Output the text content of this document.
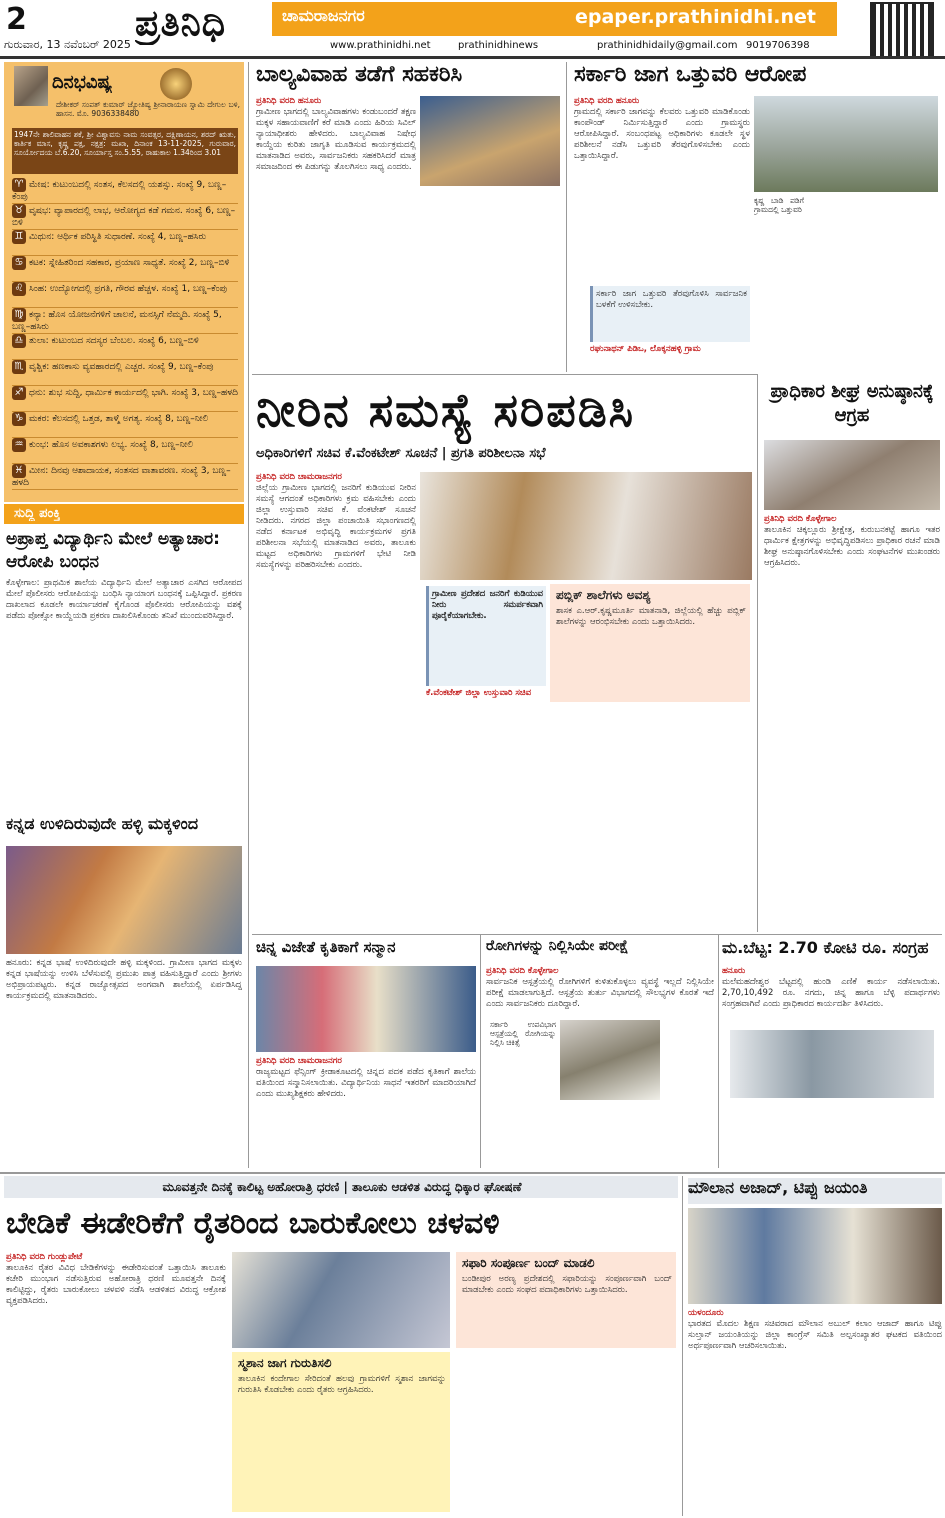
2	ಪ್ರತಿನಿಧಿ	ಚಾಮರಾಜನಗರ	epaper.prathinidhi.net
ಗುರುವಾರ, 13 ನವೆಂಬರ್ 2025	www.prathinidhi.net	prathinidhinews	prathinidhidaily@gmail.com 9019706398
ದಿನಭವಿಷ್ಯ
ದೇಶೀಕರ್ ಸಂಪತ್ ಕುಮಾರ್ ಜ್ಯೋತಿಷ್ಯ ಶ್ರೀನಾರಾಯಣ ಸ್ವಾಮಿ ದೇಗುಲ ಬಳಿ, ಹಾಸನ. ಮೊ. 9036338480
1947ನೇ ಶಾಲಿವಾಹನ ಶಕೆ, ಶ್ರೀ ವಿಶ್ವಾವಸು ನಾಮ ಸಂವತ್ಸರ, ದಕ್ಷಿಣಾಯನ, ಶರದ್ ಋತು, ಕಾರ್ತಿಕ ಮಾಸ, ಕೃಷ್ಣ ಪಕ್ಷ, ನಕ್ಷತ್ರ: ಮಖಾ, ದಿನಾಂಕ 13-11-2025, ಗುರುವಾರ, ಸೂರ್ಯೋದಯ ಬೆ.6.20, ಸೂರ್ಯಾಸ್ತ ಸಂ.5.55, ರಾಹುಕಾಲ 1.34ರಿಂದ 3.01
♈ ಮೇಷ: ಕುಟುಂಬದಲ್ಲಿ ಸಂತಸ, ಕೆಲಸದಲ್ಲಿ ಯಶಸ್ಸು. ಸಂಖ್ಯೆ 9, ಬಣ್ಣ–ಕೆಂಪು
♉ ವೃಷಭ: ವ್ಯಾಪಾರದಲ್ಲಿ ಲಾಭ, ಆರೋಗ್ಯದ ಕಡೆ ಗಮನ. ಸಂಖ್ಯೆ 6, ಬಣ್ಣ–ಬಿಳಿ
♊ ಮಿಥುನ: ಆರ್ಥಿಕ ಪರಿಸ್ಥಿತಿ ಸುಧಾರಣೆ. ಸಂಖ್ಯೆ 4, ಬಣ್ಣ–ಹಸಿರು
♋ ಕಟಕ: ಸ್ನೇಹಿತರಿಂದ ಸಹಕಾರ, ಪ್ರಯಾಣ ಸಾಧ್ಯತೆ. ಸಂಖ್ಯೆ 2, ಬಣ್ಣ–ಬಿಳಿ
♌ ಸಿಂಹ: ಉದ್ಯೋಗದಲ್ಲಿ ಪ್ರಗತಿ, ಗೌರವ ಹೆಚ್ಚಳ. ಸಂಖ್ಯೆ 1, ಬಣ್ಣ–ಕೆಂಪು
♍ ಕನ್ಯಾ: ಹೊಸ ಯೋಜನೆಗಳಿಗೆ ಚಾಲನೆ, ಮನಸ್ಸಿಗೆ ನೆಮ್ಮದಿ. ಸಂಖ್ಯೆ 5, ಬಣ್ಣ–ಹಸಿರು
♎ ತುಲಾ: ಕುಟುಂಬದ ಸದಸ್ಯರ ಬೆಂಬಲ. ಸಂಖ್ಯೆ 6, ಬಣ್ಣ–ಬಿಳಿ
♏ ವೃಶ್ಚಿಕ: ಹಣಕಾಸು ವ್ಯವಹಾರದಲ್ಲಿ ಎಚ್ಚರ. ಸಂಖ್ಯೆ 9, ಬಣ್ಣ–ಕೆಂಪು
♐ ಧನು: ಶುಭ ಸುದ್ದಿ, ಧಾರ್ಮಿಕ ಕಾರ್ಯದಲ್ಲಿ ಭಾಗಿ. ಸಂಖ್ಯೆ 3, ಬಣ್ಣ–ಹಳದಿ
♑ ಮಕರ: ಕೆಲಸದಲ್ಲಿ ಒತ್ತಡ, ತಾಳ್ಮೆ ಅಗತ್ಯ. ಸಂಖ್ಯೆ 8, ಬಣ್ಣ–ನೀಲಿ
♒ ಕುಂಭ: ಹೊಸ ಅವಕಾಶಗಳು ಲಭ್ಯ. ಸಂಖ್ಯೆ 8, ಬಣ್ಣ–ನೀಲಿ
♓ ಮೀನ: ದಿನವು ಆಶಾದಾಯಕ, ಸಂತಸದ ವಾತಾವರಣ. ಸಂಖ್ಯೆ 3, ಬಣ್ಣ–ಹಳದಿ
ಸುದ್ದಿ ಪಂಕ್ತಿ
ಅಪ್ರಾಪ್ತ ವಿದ್ಯಾರ್ಥಿನಿ ಮೇಲೆ ಅತ್ಯಾಚಾರ: ಆರೋಪಿ ಬಂಧನ
ಕೊಳ್ಳೇಗಾಲ: ಪ್ರಾಥಮಿಕ ಶಾಲೆಯ ವಿದ್ಯಾರ್ಥಿನಿ ಮೇಲೆ ಅತ್ಯಾಚಾರ ಎಸಗಿದ ಆರೋಪದ ಮೇಲೆ ಪೊಲೀಸರು ಆರೋಪಿಯನ್ನು ಬಂಧಿಸಿ ನ್ಯಾಯಾಂಗ ಬಂಧನಕ್ಕೆ ಒಪ್ಪಿಸಿದ್ದಾರೆ. ಪ್ರಕರಣ ದಾಖಲಾದ ಕೂಡಲೇ ಕಾರ್ಯಾಚರಣೆ ಕೈಗೊಂಡ ಪೊಲೀಸರು ಆರೋಪಿಯನ್ನು ವಶಕ್ಕೆ ಪಡೆದು ಪೋಕ್ಸೋ ಕಾಯ್ದೆಯಡಿ ಪ್ರಕರಣ ದಾಖಲಿಸಿಕೊಂಡು ತನಿಖೆ ಮುಂದುವರಿಸಿದ್ದಾರೆ.
ಕನ್ನಡ ಉಳಿದಿರುವುದೇ ಹಳ್ಳಿ ಮಕ್ಕಳಿಂದ
ಹನೂರು: ಕನ್ನಡ ಭಾಷೆ ಉಳಿದಿರುವುದೇ ಹಳ್ಳಿ ಮಕ್ಕಳಿಂದ. ಗ್ರಾಮೀಣ ಭಾಗದ ಮಕ್ಕಳು ಕನ್ನಡ ಭಾಷೆಯನ್ನು ಉಳಿಸಿ ಬೆಳೆಸುವಲ್ಲಿ ಪ್ರಮುಖ ಪಾತ್ರ ವಹಿಸುತ್ತಿದ್ದಾರೆ ಎಂದು ಶ್ರೀಗಳು ಅಭಿಪ್ರಾಯಪಟ್ಟರು. ಕನ್ನಡ ರಾಜ್ಯೋತ್ಸವದ ಅಂಗವಾಗಿ ಶಾಲೆಯಲ್ಲಿ ಏರ್ಪಡಿಸಿದ್ದ ಕಾರ್ಯಕ್ರಮದಲ್ಲಿ ಮಾತನಾಡಿದರು.
ಬಾಲ್ಯವಿವಾಹ ತಡೆಗೆ ಸಹಕರಿಸಿ
ಪ್ರತಿನಿಧಿ ವರದಿ ಹನೂರು
ಗ್ರಾಮೀಣ ಭಾಗದಲ್ಲಿ ಬಾಲ್ಯವಿವಾಹಗಳು ಕಂಡುಬಂದರೆ ತಕ್ಷಣ ಮಕ್ಕಳ ಸಹಾಯವಾಣಿಗೆ ಕರೆ ಮಾಡಿ ಎಂದು ಹಿರಿಯ ಸಿವಿಲ್ ನ್ಯಾಯಾಧೀಶರು ಹೇಳಿದರು. ಬಾಲ್ಯವಿವಾಹ ನಿಷೇಧ ಕಾಯ್ದೆಯ ಕುರಿತು ಜಾಗೃತಿ ಮೂಡಿಸುವ ಕಾರ್ಯಕ್ರಮದಲ್ಲಿ ಮಾತನಾಡಿದ ಅವರು, ಸಾರ್ವಜನಿಕರು ಸಹಕರಿಸಿದರೆ ಮಾತ್ರ ಸಮಾಜದಿಂದ ಈ ಪಿಡುಗನ್ನು ತೊಲಗಿಸಲು ಸಾಧ್ಯ ಎಂದರು.
ಸರ್ಕಾರಿ ಜಾಗ ಒತ್ತುವರಿ ಆರೋಪ
ಪ್ರತಿನಿಧಿ ವರದಿ ಹನೂರು
ಗ್ರಾಮದಲ್ಲಿ ಸರ್ಕಾರಿ ಜಾಗವನ್ನು ಕೆಲವರು ಒತ್ತುವರಿ ಮಾಡಿಕೊಂಡು ಕಾಂಪೌಂಡ್ ನಿರ್ಮಿಸುತ್ತಿದ್ದಾರೆ ಎಂದು ಗ್ರಾಮಸ್ಥರು ಆರೋಪಿಸಿದ್ದಾರೆ. ಸಂಬಂಧಪಟ್ಟ ಅಧಿಕಾರಿಗಳು ಕೂಡಲೇ ಸ್ಥಳ ಪರಿಶೀಲನೆ ನಡೆಸಿ ಒತ್ತುವರಿ ತೆರವುಗೊಳಿಸಬೇಕು ಎಂದು ಒತ್ತಾಯಿಸಿದ್ದಾರೆ.
ಕೃಷ್ಣ ಬಾಡಿ ಪಡಿಗೆ ಗ್ರಾಮದಲ್ಲಿ ಒತ್ತುವರಿ
ಸರ್ಕಾರಿ ಜಾಗ ಒತ್ತುವರಿ ತೆರವುಗೊಳಿಸಿ ಸಾರ್ವಜನಿಕ ಬಳಕೆಗೆ ಉಳಿಸಬೇಕು.
ರಘುನಾಥನ್ ಪಿಡಿಒ, ಲೊಕ್ಕನಹಳ್ಳಿ ಗ್ರಾಮ
ನೀರಿನ ಸಮಸ್ಯೆ ಸರಿಪಡಿಸಿ
ಅಧಿಕಾರಿಗಳಿಗೆ ಸಚಿವ ಕೆ.ವೆಂಕಟೇಶ್ ಸೂಚನೆ | ಪ್ರಗತಿ ಪರಿಶೀಲನಾ ಸಭೆ
ಪ್ರತಿನಿಧಿ ವರದಿ ಚಾಮರಾಜನಗರ
ಜಿಲ್ಲೆಯ ಗ್ರಾಮೀಣ ಭಾಗದಲ್ಲಿ ಜನರಿಗೆ ಕುಡಿಯುವ ನೀರಿನ ಸಮಸ್ಯೆ ಆಗದಂತೆ ಅಧಿಕಾರಿಗಳು ಕ್ರಮ ವಹಿಸಬೇಕು ಎಂದು ಜಿಲ್ಲಾ ಉಸ್ತುವಾರಿ ಸಚಿವ ಕೆ. ವೆಂಕಟೇಶ್ ಸೂಚನೆ ನೀಡಿದರು. ನಗರದ ಜಿಲ್ಲಾ ಪಂಚಾಯಿತಿ ಸಭಾಂಗಣದಲ್ಲಿ ನಡೆದ ಕರ್ನಾಟಕ ಅಭಿವೃದ್ಧಿ ಕಾರ್ಯಕ್ರಮಗಳ ಪ್ರಗತಿ ಪರಿಶೀಲನಾ ಸಭೆಯಲ್ಲಿ ಮಾತನಾಡಿದ ಅವರು, ತಾಲೂಕು ಮಟ್ಟದ ಅಧಿಕಾರಿಗಳು ಗ್ರಾಮಗಳಿಗೆ ಭೇಟಿ ನೀಡಿ ಸಮಸ್ಯೆಗಳನ್ನು ಪರಿಹರಿಸಬೇಕು ಎಂದರು.
ಗ್ರಾಮೀಣ ಪ್ರದೇಶದ ಜನರಿಗೆ ಕುಡಿಯುವ ನೀರು ಸಮರ್ಪಕವಾಗಿ ಪೂರೈಕೆಯಾಗಬೇಕು.
ಕೆ.ವೆಂಕಟೇಶ್ ಜಿಲ್ಲಾ ಉಸ್ತುವಾರಿ ಸಚಿವ
ಪಬ್ಲಿಕ್ ಶಾಲೆಗಳು ಅವಶ್ಯ
ಶಾಸಕ ಎ.ಆರ್.ಕೃಷ್ಣಮೂರ್ತಿ ಮಾತನಾಡಿ, ಜಿಲ್ಲೆಯಲ್ಲಿ ಹೆಚ್ಚು ಪಬ್ಲಿಕ್ ಶಾಲೆಗಳನ್ನು ಆರಂಭಿಸಬೇಕು ಎಂದು ಒತ್ತಾಯಿಸಿದರು.
ಪ್ರಾಧಿಕಾರ ಶೀಘ್ರ ಅನುಷ್ಠಾನಕ್ಕೆ ಆಗ್ರಹ
ಪ್ರತಿನಿಧಿ ವರದಿ ಕೊಳ್ಳೇಗಾಲ
ತಾಲೂಕಿನ ಚಿಕ್ಕಲ್ಲೂರು ಶ್ರೀಕ್ಷೇತ್ರ, ಕುರುಬನಕಟ್ಟೆ ಹಾಗೂ ಇತರ ಧಾರ್ಮಿಕ ಕ್ಷೇತ್ರಗಳನ್ನು ಅಭಿವೃದ್ಧಿಪಡಿಸಲು ಪ್ರಾಧಿಕಾರ ರಚನೆ ಮಾಡಿ ಶೀಘ್ರ ಅನುಷ್ಠಾನಗೊಳಿಸಬೇಕು ಎಂದು ಸಂಘಟನೆಗಳ ಮುಖಂಡರು ಆಗ್ರಹಿಸಿದರು.
ಚಿನ್ನ ವಿಜೇತೆ ಕೃತಿಕಾಗೆ ಸನ್ಮಾನ
ಪ್ರತಿನಿಧಿ ವರದಿ ಚಾಮರಾಜನಗರ
ರಾಜ್ಯಮಟ್ಟದ ಫೆನ್ಸಿಂಗ್ ಕ್ರೀಡಾಕೂಟದಲ್ಲಿ ಚಿನ್ನದ ಪದಕ ಪಡೆದ ಕೃತಿಕಾಗೆ ಶಾಲೆಯ ವತಿಯಿಂದ ಸನ್ಮಾನಿಸಲಾಯಿತು. ವಿದ್ಯಾರ್ಥಿನಿಯ ಸಾಧನೆ ಇತರರಿಗೆ ಮಾದರಿಯಾಗಿದೆ ಎಂದು ಮುಖ್ಯಶಿಕ್ಷಕರು ಹೇಳಿದರು.
ರೋಗಿಗಳನ್ನು ನಿಲ್ಲಿಸಿಯೇ ಪರೀಕ್ಷೆ
ಪ್ರತಿನಿಧಿ ವರದಿ ಕೊಳ್ಳೇಗಾಲ
ಸಾರ್ವಜನಿಕ ಆಸ್ಪತ್ರೆಯಲ್ಲಿ ರೋಗಿಗಳಿಗೆ ಕುಳಿತುಕೊಳ್ಳಲು ವ್ಯವಸ್ಥೆ ಇಲ್ಲದೆ ನಿಲ್ಲಿಸಿಯೇ ಪರೀಕ್ಷೆ ಮಾಡಲಾಗುತ್ತಿದೆ. ಆಸ್ಪತ್ರೆಯ ತುರ್ತು ವಿಭಾಗದಲ್ಲಿ ಸೌಲಭ್ಯಗಳ ಕೊರತೆ ಇದೆ ಎಂದು ಸಾರ್ವಜನಿಕರು ದೂರಿದ್ದಾರೆ.
ಸರ್ಕಾರಿ ಉಪವಿಭಾಗ ಆಸ್ಪತ್ರೆಯಲ್ಲಿ ರೋಗಿಯನ್ನು ನಿಲ್ಲಿಸಿ ಚಿಕಿತ್ಸೆ
ಮ.ಬೆಟ್ಟ: 2.70 ಕೋಟಿ ರೂ. ಸಂಗ್ರಹ
ಹನೂರು
ಮಲೆಮಹದೇಶ್ವರ ಬೆಟ್ಟದಲ್ಲಿ ಹುಂಡಿ ಎಣಿಕೆ ಕಾರ್ಯ ನಡೆಸಲಾಯಿತು. 2,70,10,492 ರೂ. ನಗದು, ಚಿನ್ನ ಹಾಗೂ ಬೆಳ್ಳಿ ಪದಾರ್ಥಗಳು ಸಂಗ್ರಹವಾಗಿವೆ ಎಂದು ಪ್ರಾಧಿಕಾರದ ಕಾರ್ಯದರ್ಶಿ ತಿಳಿಸಿದರು.
ಮೂವತ್ತನೇ ದಿನಕ್ಕೆ ಕಾಲಿಟ್ಟ ಅಹೋರಾತ್ರಿ ಧರಣಿ | ತಾಲೂಕು ಆಡಳಿತ ವಿರುದ್ಧ ಧಿಕ್ಕಾರ ಘೋಷಣೆ
ಬೇಡಿಕೆ ಈಡೇರಿಕೆಗೆ ರೈತರಿಂದ ಬಾರುಕೋಲು ಚಳವಳಿ
ಪ್ರತಿನಿಧಿ ವರದಿ ಗುಂಡ್ಲುಪೇಟೆ
ತಾಲೂಕಿನ ರೈತರ ವಿವಿಧ ಬೇಡಿಕೆಗಳನ್ನು ಈಡೇರಿಸುವಂತೆ ಒತ್ತಾಯಿಸಿ ತಾಲೂಕು ಕಚೇರಿ ಮುಂಭಾಗ ನಡೆಸುತ್ತಿರುವ ಅಹೋರಾತ್ರಿ ಧರಣಿ ಮೂವತ್ತನೇ ದಿನಕ್ಕೆ ಕಾಲಿಟ್ಟಿದ್ದು, ರೈತರು ಬಾರುಕೋಲು ಚಳವಳಿ ನಡೆಸಿ ಆಡಳಿತದ ವಿರುದ್ಧ ಆಕ್ರೋಶ ವ್ಯಕ್ತಪಡಿಸಿದರು.
ಸ್ಮಶಾನ ಜಾಗ ಗುರುತಿಸಲಿ
ತಾಲೂಕಿನ ಕಂದೇಗಾಲ ಸೇರಿದಂತೆ ಹಲವು ಗ್ರಾಮಗಳಿಗೆ ಸ್ಮಶಾನ ಜಾಗವನ್ನು ಗುರುತಿಸಿ ಕೊಡಬೇಕು ಎಂದು ರೈತರು ಆಗ್ರಹಿಸಿದರು.
ಸಫಾರಿ ಸಂಪೂರ್ಣ ಬಂದ್ ಮಾಡಲಿ
ಬಂಡೀಪುರ ಅರಣ್ಯ ಪ್ರದೇಶದಲ್ಲಿ ಸಫಾರಿಯನ್ನು ಸಂಪೂರ್ಣವಾಗಿ ಬಂದ್ ಮಾಡಬೇಕು ಎಂದು ಸಂಘದ ಪದಾಧಿಕಾರಿಗಳು ಒತ್ತಾಯಿಸಿದರು.
ಮೌಲಾನ ಅಜಾದ್, ಟಿಪ್ಪು ಜಯಂತಿ
ಯಳಂದೂರು
ಭಾರತದ ಮೊದಲ ಶಿಕ್ಷಣ ಸಚಿವರಾದ ಮೌಲಾನ ಅಬುಲ್ ಕಲಾಂ ಆಜಾದ್ ಹಾಗೂ ಟಿಪ್ಪು ಸುಲ್ತಾನ್ ಜಯಂತಿಯನ್ನು ಜಿಲ್ಲಾ ಕಾಂಗ್ರೆಸ್ ಸಮಿತಿ ಅಲ್ಪಸಂಖ್ಯಾತರ ಘಟಕದ ವತಿಯಿಂದ ಅರ್ಥಪೂರ್ಣವಾಗಿ ಆಚರಿಸಲಾಯಿತು.
